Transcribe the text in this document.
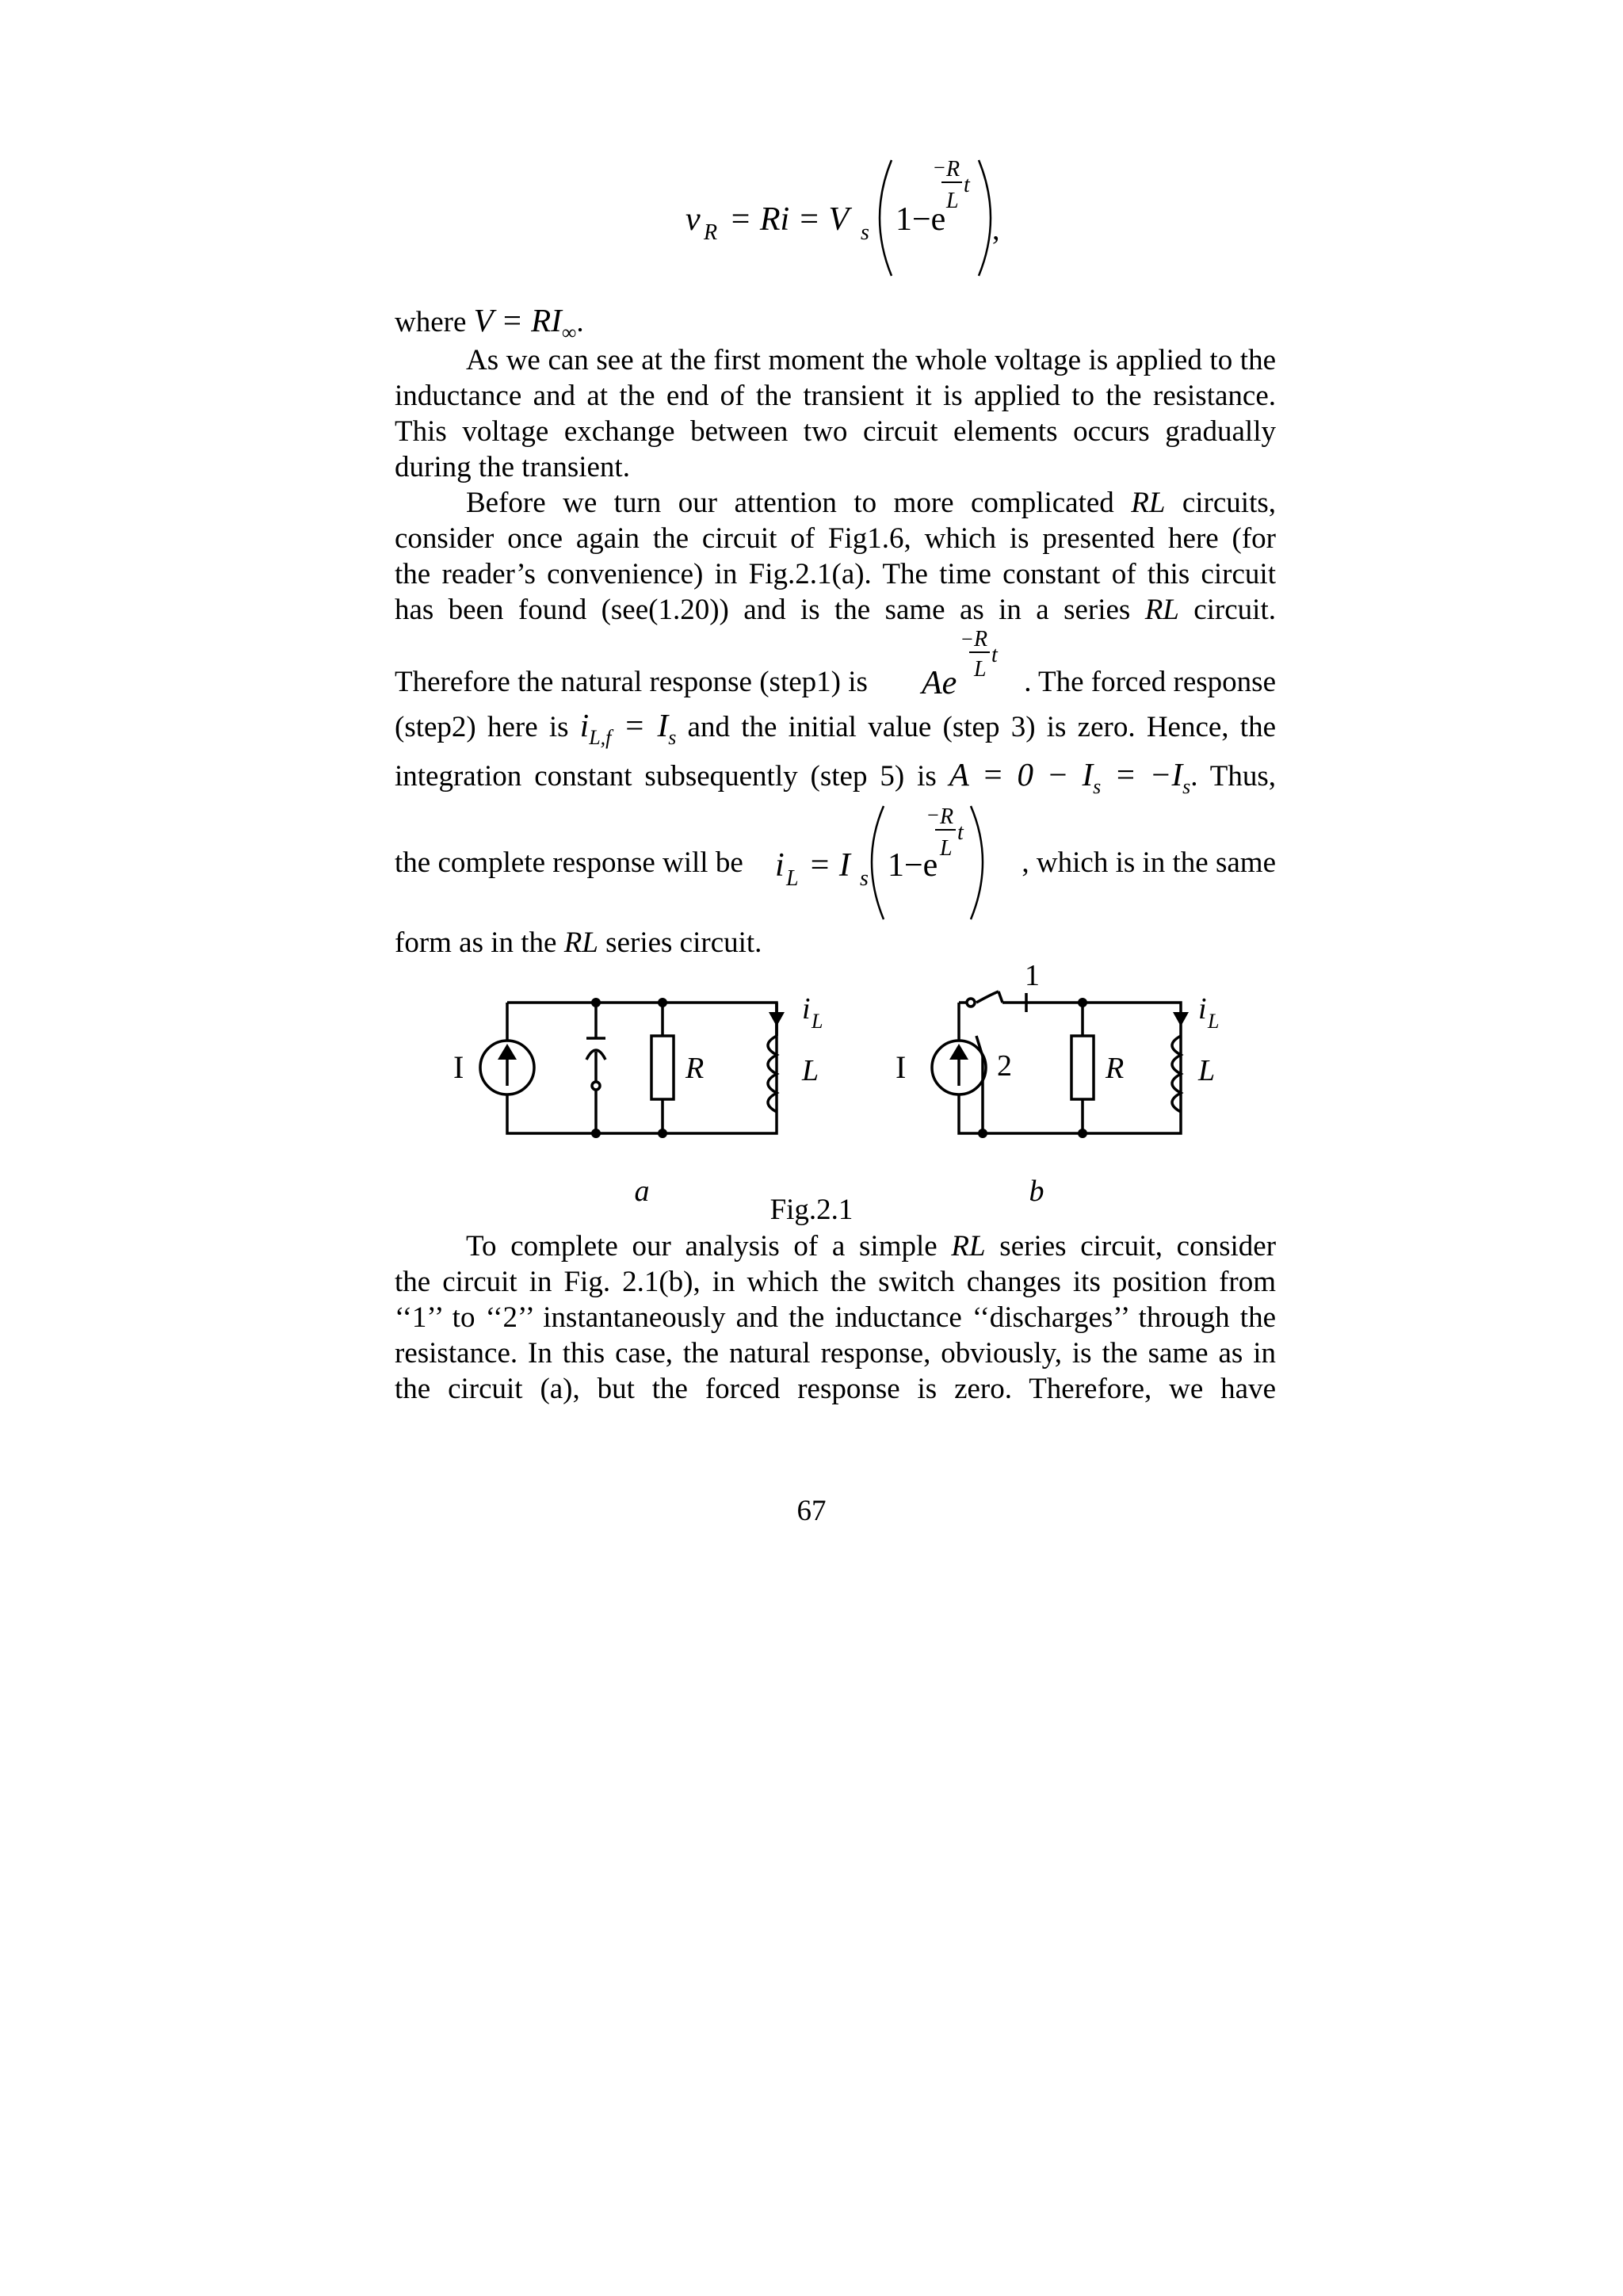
v R = Ri = V s 1−e
− R
L
t
,
where $V = RI_\infty$.

As we can see at the first moment the whole voltage is applied to the inductance and at the end of the transient it is applied to the resistance. This voltage exchange between two circuit elements occurs gradually during the transient.

Before we turn our attention to more complicated RL circuits,
consider once again the circuit of Fig1.6, which is presented here (for
the reader’s convenience) in Fig.2.1(a). The time constant of this circuit
has been found (see(1.20)) and is the same as in a series RL circuit.
Therefore the natural response (step1) is	Ae
− R
L
t
. The forced response
(step2) here is $i_{L,f} = I_s$ and the initial value (step 3) is zero. Hence, the
integration constant subsequently (step 5) is $A = 0 - I_s = -I_s$. Thus,
the complete response will be i L = I s 1−e
− R
L
t
, which is in the same
form as in the RL series circuit.
I	R
i L
L I
1
2	R
i L
L
a	b
Fig.2.1
To complete our analysis of a simple RL series circuit, consider

the circuit in Fig. 2.1(b), in which the switch changes its position from ‘‘1’’ to ‘‘2’’ instantaneously and the inductance ‘‘discharges’’ through the resistance. In this case, the natural response, obviously, is the same as in the circuit (a), but the forced response is zero. Therefore, we have

67
